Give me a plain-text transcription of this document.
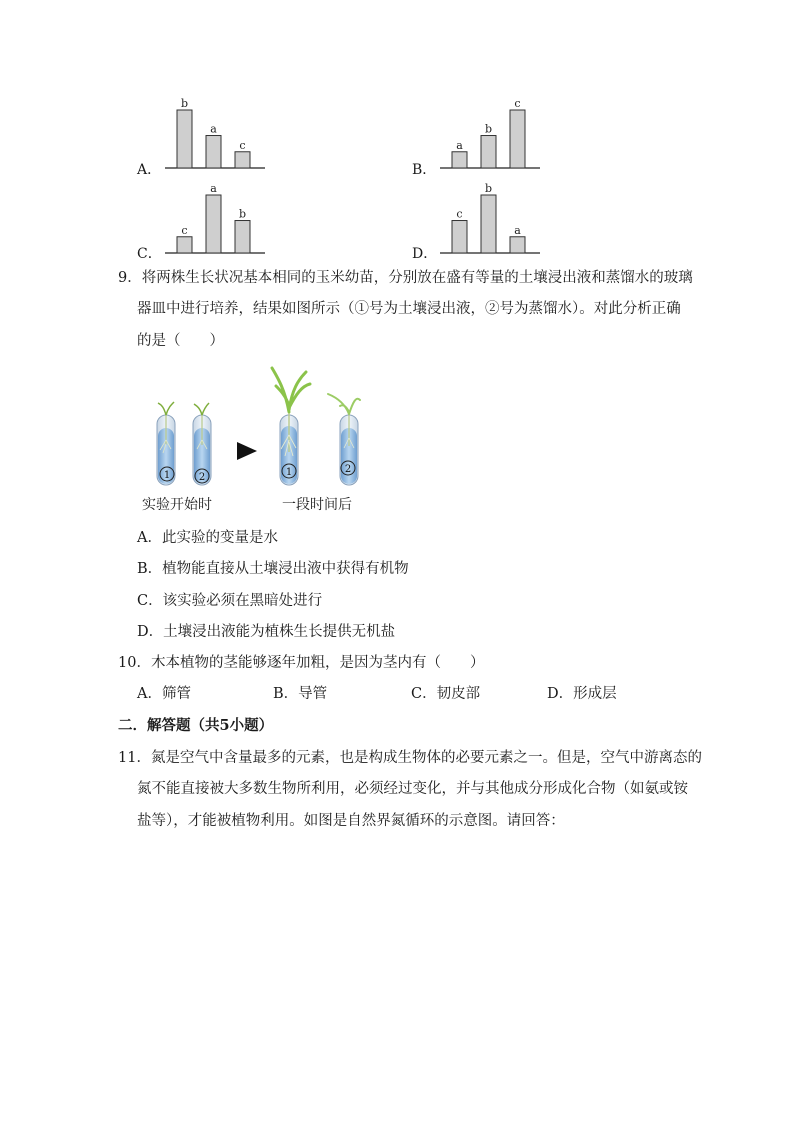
A．
b
a
c
B．
a
b
c
C．
c
a
b
D．
c
b
a
9．将两株生长状况基本相同的玉米幼苗，分别放在盛有等量的土壤浸出液和蒸馏水的玻璃
器皿中进行培养，结果如图所示（①号为土壤浸出液，②号为蒸馏水）。对此分析正确
的是（　　）
1	2	1	2
实验开始时	一段时间后
A．此实验的变量是水
B．植物能直接从土壤浸出液中获得有机物
C．该实验必须在黑暗处进行
D．土壤浸出液能为植株生长提供无机盐
10．木本植物的茎能够逐年加粗，是因为茎内有（　　）
A．筛管	B．导管	C．韧皮部	D．形成层
二．解答题（共5小题）
11．氮是空气中含量最多的元素，也是构成生物体的必要元素之一。但是，空气中游离态的
氮不能直接被大多数生物所利用，必须经过变化，并与其他成分形成化合物（如氨或铵
盐等），才能被植物利用。如图是自然界氮循环的示意图。请回答：
